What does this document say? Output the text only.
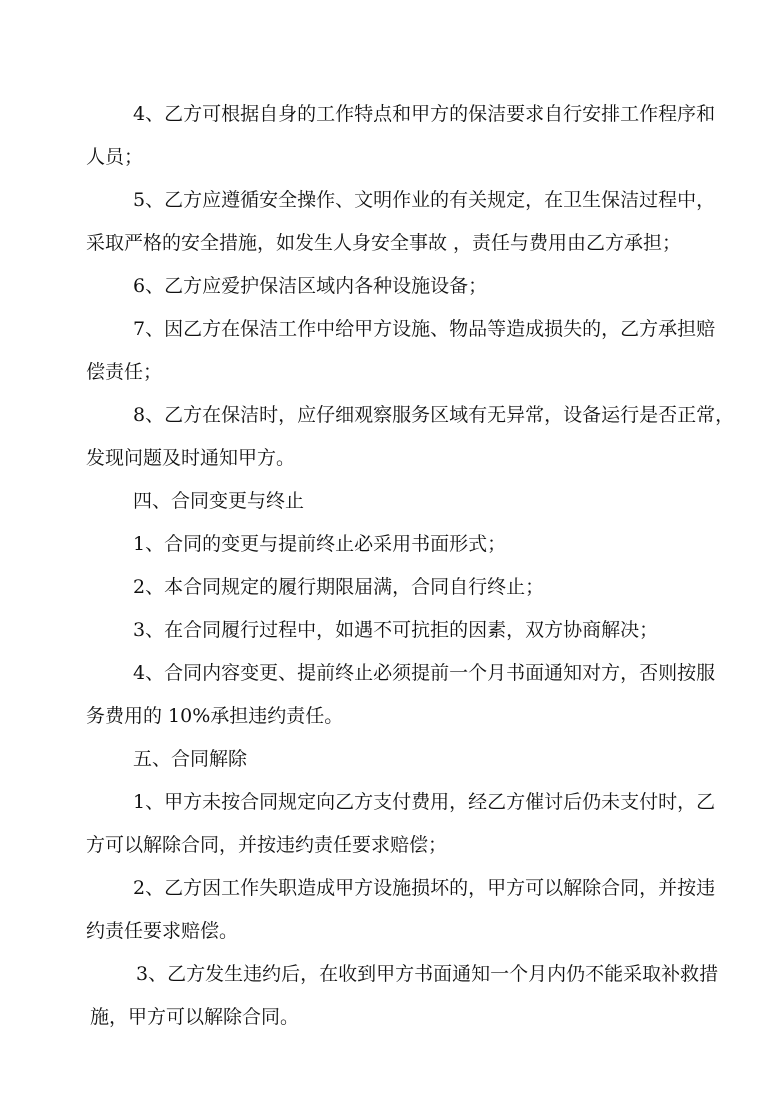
4、乙方可根据自身的工作特点和甲方的保洁要求自行安排工作程序和
人员；
5、乙方应遵循安全操作、文明作业的有关规定，在卫生保洁过程中，
采取严格的安全措施，如发生人身安全事故 ，责任与费用由乙方承担；
6、乙方应爱护保洁区域内各种设施设备；
7、因乙方在保洁工作中给甲方设施、物品等造成损失的，乙方承担赔
偿责任；
8、乙方在保洁时，应仔细观察服务区域有无异常，设备运行是否正常，
发现问题及时通知甲方。
四、合同变更与终止
1、合同的变更与提前终止必采用书面形式；
2、本合同规定的履行期限届满，合同自行终止；
3、在合同履行过程中，如遇不可抗拒的因素，双方协商解决；
4、合同内容变更、提前终止必须提前一个月书面通知对方，否则按服
务费用的 10%承担违约责任。
五、合同解除
1、甲方未按合同规定向乙方支付费用，经乙方催讨后仍未支付时，乙
方可以解除合同，并按违约责任要求赔偿；
2、乙方因工作失职造成甲方设施损坏的，甲方可以解除合同，并按违
约责任要求赔偿。
3、乙方发生违约后，在收到甲方书面通知一个月内仍不能采取补救措
施，甲方可以解除合同。
